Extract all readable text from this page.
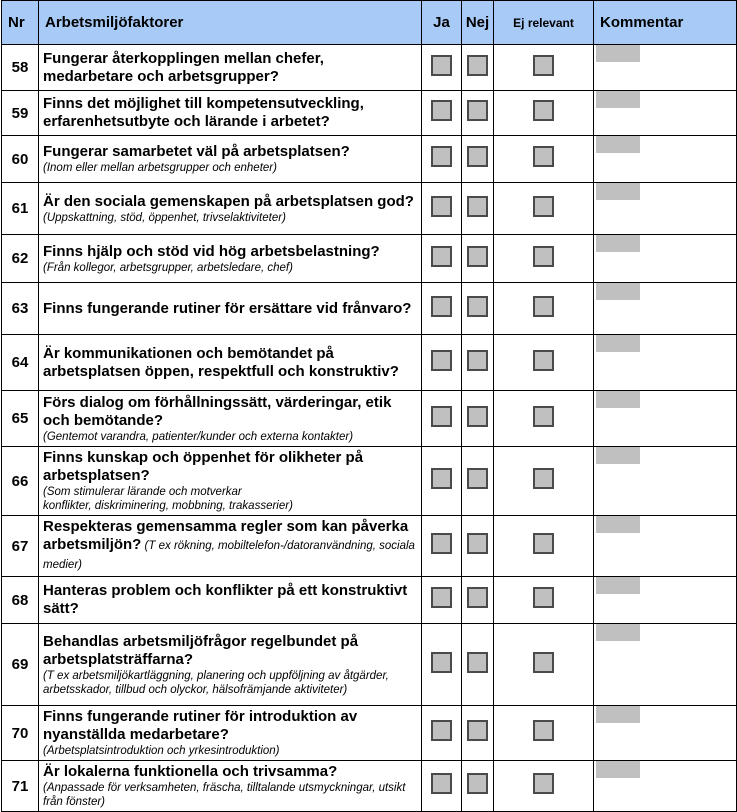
Nr	Arbetsmiljöfaktorer	Ja	Nej	Ej relevant	Kommentar
58	Fungerar återkopplingen mellan chefer, medarbetare och arbetsgrupper?				

59	Finns det möjlighet till kompetensutveckling, erfarenhetsutbyte och lärande i arbetet?				

60	Fungerar samarbetet väl på arbetsplatsen?
(Inom eller mellan arbetsgrupper och enheter)				

61	Är den sociala gemenskapen på arbetsplatsen god?
(Uppskattning, stöd, öppenhet, trivselaktiviteter)				

62	Finns hjälp och stöd vid hög arbetsbelastning?
(Från kollegor, arbetsgrupper, arbetsledare, chef)				

63	Finns fungerande rutiner för ersättare vid frånvaro?				

64	Är kommunikationen och bemötandet på arbetsplatsen öppen, respektfull och konstruktiv?				

65	Förs dialog om förhållningssätt, värderingar, etik och bemötande?
(Gentemot varandra, patienter/kunder och externa kontakter)				

66	Finns kunskap och öppenhet för olikheter på arbetsplatsen?
(Som stimulerar lärande och motverkar
konflikter, diskriminering, mobbning, trakasserier)				

67	Respekteras gemensamma regler som kan påverka arbetsmiljön? (T ex rökning, mobiltelefon-/datoranvändning, sociala medier)				

68	Hanteras problem och konflikter på ett konstruktivt sätt?				

69	Behandlas arbetsmiljöfrågor regelbundet på arbetsplatsträffarna?
(T ex arbetsmiljökartläggning, planering och uppföljning av åtgärder, arbetsskador, tillbud och olyckor, hälsofrämjande aktiviteter)				

70	Finns fungerande rutiner för introduktion av nyanställda medarbetare?
(Arbetsplatsintroduktion och yrkesintroduktion)				

71	Är lokalerna funktionella och trivsamma?
(Anpassade för verksamheten, fräscha, tilltalande utsmyckningar, utsikt från fönster)				
